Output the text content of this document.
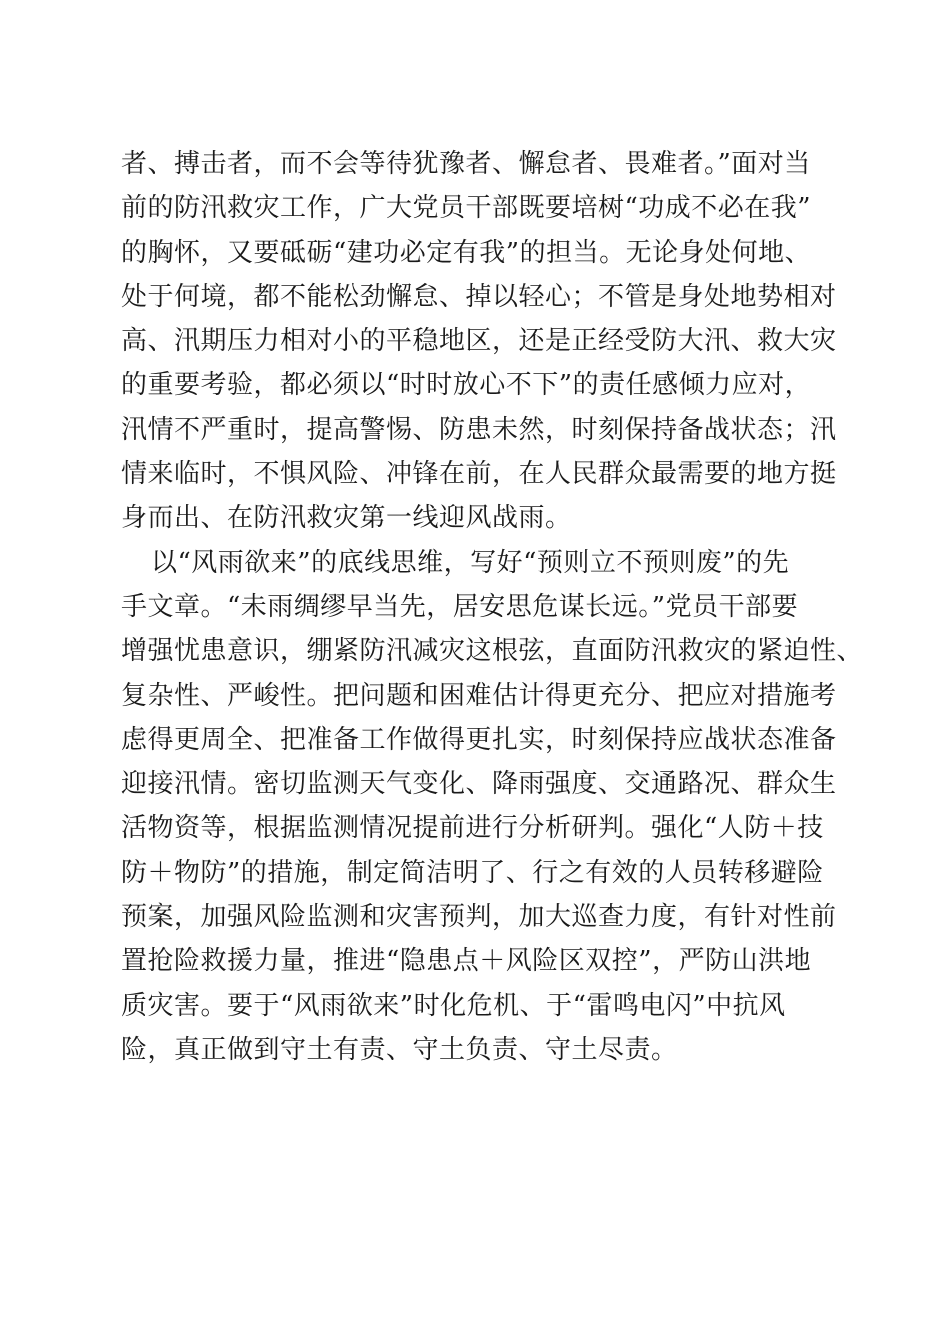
者、搏击者，而不会等待犹豫者、懈怠者、畏难者。”面对当
前的防汛救灾工作，广大党员干部既要培树“功成不必在我”
的胸怀，又要砥砺“建功必定有我”的担当。无论身处何地、
处于何境，都不能松劲懈怠、掉以轻心；不管是身处地势相对
高、汛期压力相对小的平稳地区，还是正经受防大汛、救大灾
的重要考验，都必须以“时时放心不下”的责任感倾力应对，
汛情不严重时，提高警惕、防患未然，时刻保持备战状态；汛
情来临时，不惧风险、冲锋在前，在人民群众最需要的地方挺
身而出、在防汛救灾第一线迎风战雨。
以“风雨欲来”的底线思维，写好“预则立不预则废”的先
手文章。“未雨绸缪早当先，居安思危谋长远。”党员干部要
增强忧患意识，绷紧防汛减灾这根弦，直面防汛救灾的紧迫性、
复杂性、严峻性。把问题和困难估计得更充分、把应对措施考
虑得更周全、把准备工作做得更扎实，时刻保持应战状态准备
迎接汛情。密切监测天气变化、降雨强度、交通路况、群众生
活物资等，根据监测情况提前进行分析研判。强化“人防＋技
防＋物防”的措施，制定简洁明了、行之有效的人员转移避险
预案，加强风险监测和灾害预判，加大巡查力度，有针对性前
置抢险救援力量，推进“隐患点＋风险区双控”，严防山洪地
质灾害。要于“风雨欲来”时化危机、于“雷鸣电闪”中抗风
险，真正做到守土有责、守土负责、守土尽责。
